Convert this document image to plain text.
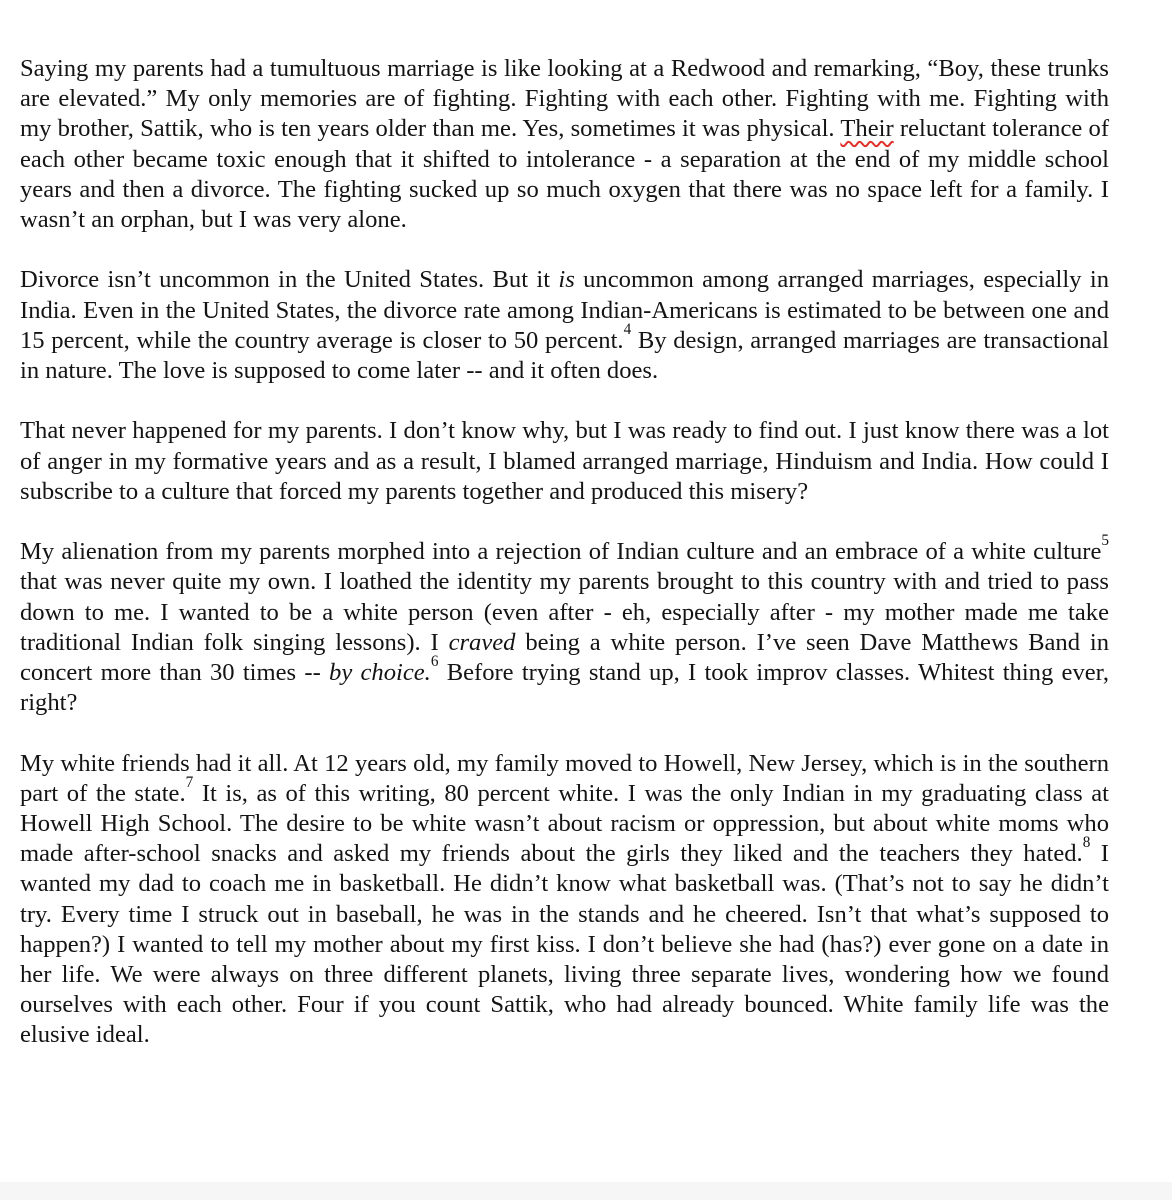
Saying my parents had a tumultuous marriage is like looking at a Redwood and remarking, “Boy, these trunks are elevated.” My only memories are of fighting. Fighting with each other. Fighting with me. Fighting with my brother, Sattik, who is ten years older than me. Yes, sometimes it was physical. Their reluctant tolerance of each other became toxic enough that it shifted to intolerance - a separation at the end of my middle school years and then a divorce. The fighting sucked up so much oxygen that there was no space left for a family. I wasn’t an orphan, but I was very alone.

Divorce isn’t uncommon in the United States. But it is uncommon among arranged marriages, especially in India. Even in the United States, the divorce rate among Indian-Americans is estimated to be between one and 15 percent, while the country average is closer to 50 percent.$^4$ By design, arranged marriages are transactional in nature. The love is supposed to come later -- and it often does.

That never happened for my parents. I don’t know why, but I was ready to find out. I just know there was a lot of anger in my formative years and as a result, I blamed arranged marriage, Hinduism and India. How could I subscribe to a culture that forced my parents together and produced this misery?

My alienation from my parents morphed into a rejection of Indian culture and an embrace of a white culture$^5$ that was never quite my own. I loathed the identity my parents brought to this country with and tried to pass down to me. I wanted to be a white person (even after - eh, especially after - my mother made me take traditional Indian folk singing lessons). I craved being a white person. I’ve seen Dave Matthews Band in concert more than 30 times -- by choice.$^6$ Before trying stand up, I took improv classes. Whitest thing ever, right?

My white friends had it all. At 12 years old, my family moved to Howell, New Jersey, which is in the southern part of the state.$^7$ It is, as of this writing, 80 percent white. I was the only Indian in my graduating class at Howell High School. The desire to be white wasn’t about racism or oppression, but about white moms who made after-school snacks and asked my friends about the girls they liked and the teachers they hated.$^8$ I wanted my dad to coach me in basketball. He didn’t know what basketball was. (That’s not to say he didn’t try. Every time I struck out in baseball, he was in the stands and he cheered. Isn’t that what’s supposed to happen?) I wanted to tell my mother about my first kiss. I don’t believe she had (has?) ever gone on a date in her life. We were always on three different planets, living three separate lives, wondering how we found ourselves with each other. Four if you count Sattik, who had already bounced. White family life was the elusive ideal.
